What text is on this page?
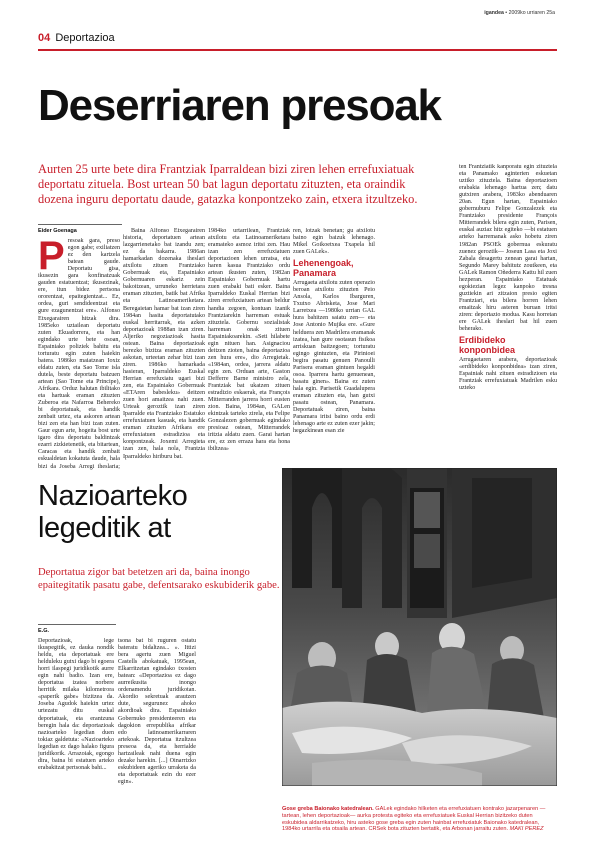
igandea • 2009ko urriaren 25a
04 Deportazioa
Deserriaren presoak

Aurten 25 urte bete dira Frantziak Iparraldean bizi ziren lehen errefuxiatuak deportatu zituela. Bost urtean 50 bat lagun deportatu zituzten, eta oraindik dozena inguru deportatu daude, gatazka konpontzeko zain, etxera itzultzeko.

Eider Goenaga
P resoak gara, preso egon gabe; exiliatzen ez den kartzela batean gaude. Deportatu gisa, ikusezin gara konfinatzuak gauden estatuentzat; ikusezinak, ere, itun bidez pertsona ororentzat, epaitegientzat... Ez, ordea, guri sendideentzat eta gure ezagunentzat ere». Alfonso Etxegarairen hitzak dira. 1985eko uztailean deportatu zuten Ekuadorrera, eta han egindako urte bete osoan, Espainiako poliziek bahitu eta torturatu egin zuten haiekin batera. 1986ko maiatzean Ioxiz eldatu zuten, eta Sao Tome isla dutela, beste deportatu batzuen artean (Sao Tome eta Principe), Afrikara. Orduz halutan ibilitako eta hartuak eraman zituzten Zuberoa eta Nafarroa Behereko bi deportatuak, eta handik zenbait urtez, eta askoren artean bizi zen eta han bizi izan zuten. Gaur egun arte, hogeita bost urte igaro dira deportatu baldintzak ezarri zizkietenetik, eta bitartean, Caracas eta handik zenbait eskualdetan kokatuta daude, hala bizi da Joseba Arregi iheslaria;

Baina Alfonso Etxegarairen historia, deportatuen artean lazgarrienetako bat izandu zen; ez da bakarra. 1986an hamarkadan dozenaka iheslari atxilotu zituen Frantziako Gobernuak eta, Espainiako Gobernuaren eskariz zein bakoitzean, urruneko herrietara eraman zituzten, batik bat Afrika eta Latinoameriketara. Beregaietan hamar bat izan ziren 1984an hasita deportatutako euskal herritarrak, eta azken deportazioak 1988an izan ziren. Aljeriko negoziazioak hasita ostean. Baina deportazioak berezko bizitza eraman zituzten askotan, urteetan zehar bizi izan ziren. 1986ko hamarkada hasieran, Iparraldeko Euskal Herrian errefuxiatu ugari bizi zen, eta Espainiako Gobernuak «ETAren babesleku» deitzen zuen hori amaitzea nahi zuen. Urteak geroztik izan ziren Iparralde eta Frantziako Estatuko errefuxiatuen kasuak, eta handik eraman zituzten Afrikara ere errefuxiatuen estradizioa eta konpontzeak. Joxemi Arregieta izan zen, hala nola, Frantzia Iparraldeko hiriburu bat.

1984ko urtarrilean, Frantziak atxilotu eta Latinoameriketara eramateko asmoz iritsi zen. Hau izan zen errefuxiatuen deportazioen lehen urratsa, eta haren kasua Frantziako ordu artean ikusten zuten, 1982an Espainiako Gobernuak hartu zuen erabaki bati esker. Baina Iparraldeko Euskal Herrian bizi ziren errefuxiatuen artean beldur handia zegoen, kontuan izanik Frantziarekin harreman estuak zituztela. Gobernu sozialistak harreman onak zituen Espainiakoarekin. «Seti hilabete egin nituen han. Asignaciou deitzen zioten, baina deportazioa zen hura ere», dio Arregietak. «1984an, ordea, jarrera aldatu egin zen. Orduan arte, Gaston Defferre Barne ministro zela, Frantziak bat ukatzen zituen estradizio eskaerak, eta François Mitterranden jarrera horri eusten zion. Baina, 1984an, GALen ekintzak tarteko zirela, eta Felipe Gonzalezen gobernuak egindako presioaz ostean, Mitterrandek iritzia aldatu zuen. Garai hartan ere, ez zen erraza hara eta hona ibiltzea»

ren, lotzak benetan; gu atxilotu baino egin baizuk lehenago. Mikel Goikoetxea Txapela hil zuen GALek».

Lehenengoak, Panamara

Arrugaeta atxilotu zuten operazio beroan atxilotu zituzten Peio Ansola, Karlos Ibarguren, Txutxo Abrisketa, Jose Mari Larretxea —1980ko urrian GAL hura bahitzen saiatu zen— eta Jose Antonio Mujika ere. «Gure helduera zen Madrilera eramanak izatea, han gure osotasun fisikoa arriskuan baitzegoen; torturatu egingo gintuzten, eta Pirinioei begira pasatu genuen Panoulli Parisera eraman gintuen hegaldi osoa. Iparrera hartu genuenean, basatu ginen». Baina ez zuten hala egin. Parisetik Guadalupera eraman zituzten eta, han gutxi pasatu ostean, Panamara. Deportatuak ziren, baina Panamara iritsi baino ordu erdi lehenago arte ez zuten ezer jakin; hegazkinean esan zie

ten Frantziatik kanporatu egin zituztela eta Panamako aginterien eskuetan uztiko zituztela. Baina deportazioen erabakia lehenago hartua zen; datu gutxiren arabera, 1983ko abenduaren 20an. Egun hartan, Espainiako gobernuburu Felipe Gonzalezek eta Frantziako presidente François Mitterrandek bilera egin zuten, Parisen, euskal auziaz hitz egiteko —bi estatuen arteko harremanak asko hobetu ziren 1982an PSOEk gobernua eskuratu zuenez geroztik— Joseun Lasa eta Joxi Zabala desagertu zenean garai hartan, Segundo Marey bahitutz zoutkeen, eta GALek Ramon Oñederra Kattu hil zuen hezperan. Espainiako Estatuak egokiezian legez kanpoko tresna guztiekin ari zitzaion presio egiten Frantziari, eta bilera horren lehen emaitzak hiru asteren buruan iritsi ziren: deportazio modua. Kasu horretan ere GALek iheslari bat hil zuen beherako.

Erdibideko konponbidea

Arrugaetaren arabera, deportazioak «erdibideko konponbidea» izan ziren, Espainiak nahi zituen estradizioen eta Frantziak errefuxiatuak Madrilen esku uzteko

Nazioarteko
legeditik at
Deportatua zigor bat betetzen ari da, baina inongo epaitegitatik pasatu gabe, defentsarako eskubiderik gabe.
E.G.

Deportazioak, lege ikuspegitik, ez dauka nondik heldu, eta deportatuak ere helduleku gutxi dago bi egoera horri ilaspegi juridikotik aurre egin nahi badio. Izan ere, deportatua izatea norbere herritik milaka kilometrora «paperik gabe» bizitzea da. Joseba Agudok haiekin urtez urtezatu ditu euskal deportatuak, eta erantzuna beregin hala da: deportazioak nazioarteko legedian duen tokiaz galdetuta: «Nazioarteko legedian ez dago halako figura juridikorik. Arrazoiak, egongo dira, baina bi estatuen arteko erabakitzat pertsonak bahi...

tsona bat bi ruguren ostatu bateratu bidaltzea... ». Ittizi bera agertu zuen Miguel Castells abokatuak, 1995ean, Elkarritzetan egindako txosten batean: «Deportazioa ez dago aurreikusita inongo ordenamendu juridikotan. Akordio sekretuak arautzen dute, segurunez ahoko akordioak dira. Espainiako Gobernuko presidenteeren eta dagokion errepublika afrikar edo latinoamerikarraren artekoak. Deportatua itzultzea preseoa da, eta herrialde hartzaileak nahi duena egin dezake harekin. [...] Oinarrizko eskubideen ageriko urraketa da eta deportatuak ezin du ezer egin».

Gose greba Baionako katedralean. GALek egindako hilketen eta errefuxiatuen kontrako jazarpenaren —tartean, lehen deportazioak— aurka protesta egiteko eta errefuxiatuek Euskal Herrian bizitzeko duten eskubidea aldarrikatzeko, hiru asteko gose greba egin zuten hainbat errefuxiatuk Baionako katedralean, 1984ko urtarrila eta otsaila artean. CRSek bota zituzten bertatik, eta Arbonan jarraitu zuten. MAKI PEREZ
